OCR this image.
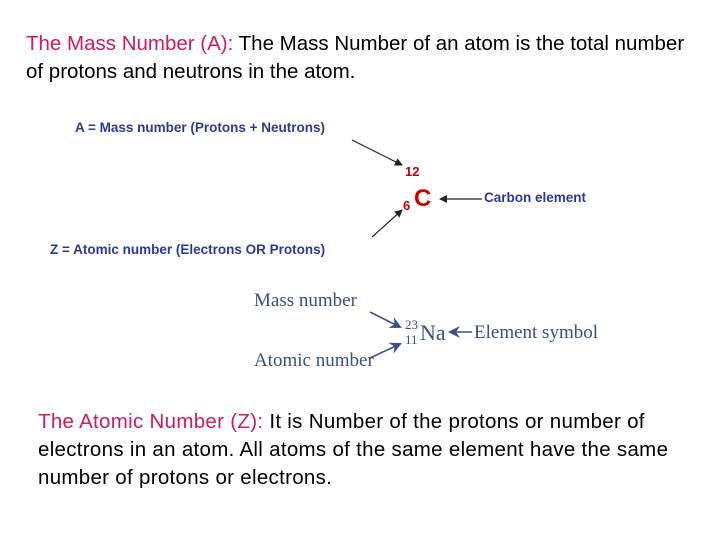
The Mass Number (A): The Mass Number of an atom is the total number of protons and neutrons in the atom.

A = Mass number (Protons + Neutrons)
Z = Atomic number (Electrons OR Protons)
Carbon element
12
6 C
Mass number
Atomic number
Element symbol
23
11 Na

The Atomic Number (Z): It is Number of the protons or number of electrons in an atom. All atoms of the same element have the same number of protons or electrons.
